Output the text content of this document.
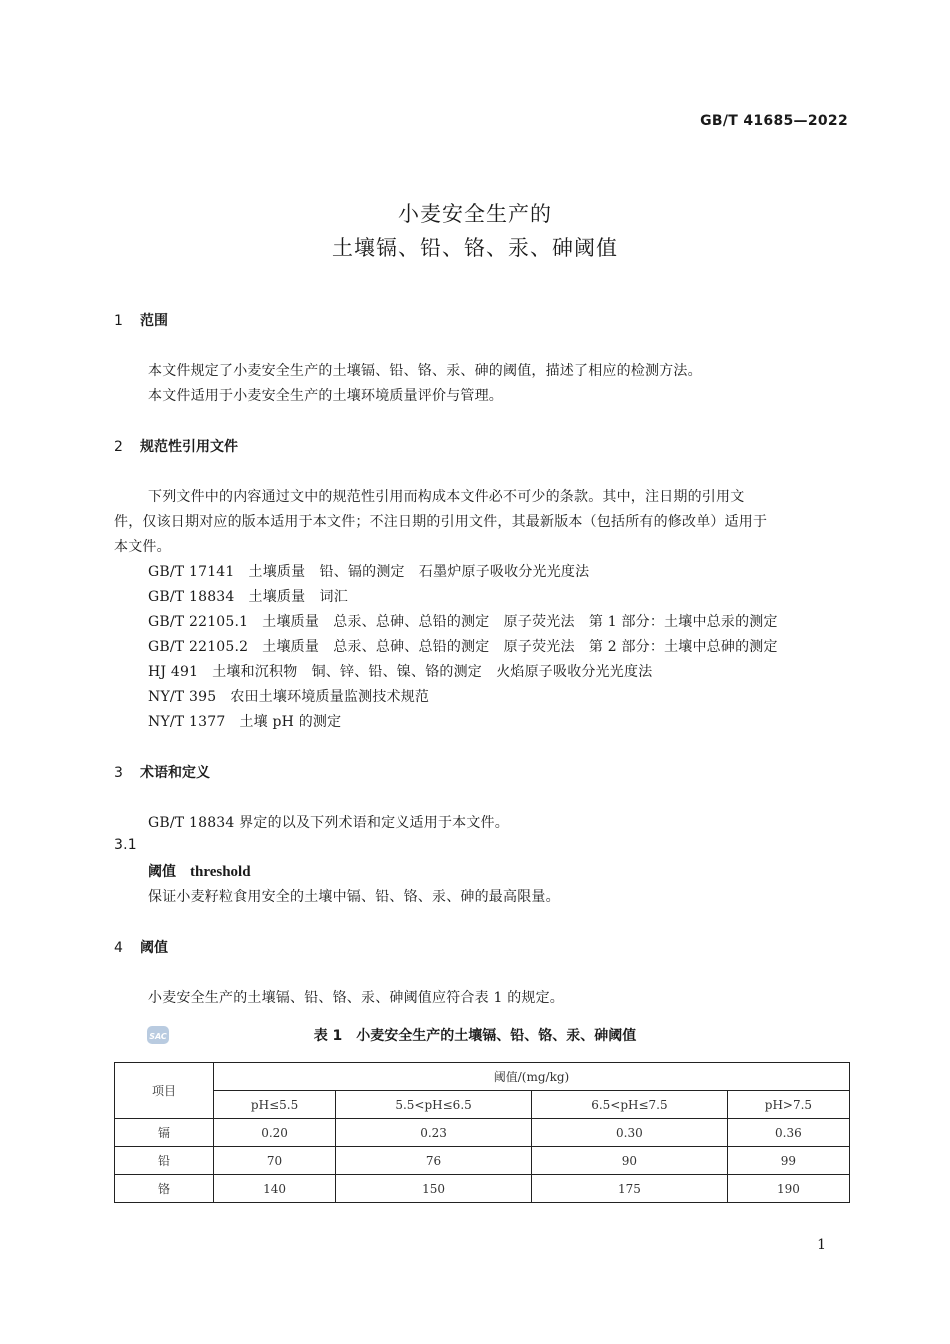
GB/T 41685—2022
小麦安全生产的
土壤镉、铅、铬、汞、砷阈值
1 范围
本文件规定了小麦安全生产的土壤镉、铅、铬、汞、砷的阈值，描述了相应的检测方法。
本文件适用于小麦安全生产的土壤环境质量评价与管理。
2 规范性引用文件
下列文件中的内容通过文中的规范性引用而构成本文件必不可少的条款。其中，注日期的引用文
件，仅该日期对应的版本适用于本文件；不注日期的引用文件，其最新版本（包括所有的修改单）适用于
本文件。
GB/T 17141 土壤质量　铅、镉的测定　石墨炉原子吸收分光光度法
GB/T 18834 土壤质量　词汇
GB/T 22105.1 土壤质量　总汞、总砷、总铅的测定　原子荧光法　第 1 部分：土壤中总汞的测定
GB/T 22105.2 土壤质量　总汞、总砷、总铅的测定　原子荧光法　第 2 部分：土壤中总砷的测定
HJ 491 土壤和沉积物　铜、锌、铅、镍、铬的测定　火焰原子吸收分光光度法
NY/T 395 农田土壤环境质量监测技术规范
NY/T 1377 土壤 pH 的测定
3 术语和定义
GB/T 18834 界定的以及下列术语和定义适用于本文件。
3.1
阈值 threshold
保证小麦籽粒食用安全的土壤中镉、铅、铬、汞、砷的最高限量。
4 阈值
小麦安全生产的土壤镉、铅、铬、汞、砷阈值应符合表 1 的规定。
SAC	表 1　小麦安全生产的土壤镉、铅、铬、汞、砷阈值
项目	阈值/(mg/kg)			
	pH≤5.5	5.5<pH≤6.5	6.5<pH≤7.5	pH>7.5
镉	0.20	0.23	0.30	0.36
铅	70	76	90	99
铬	140	150	175	190
1
